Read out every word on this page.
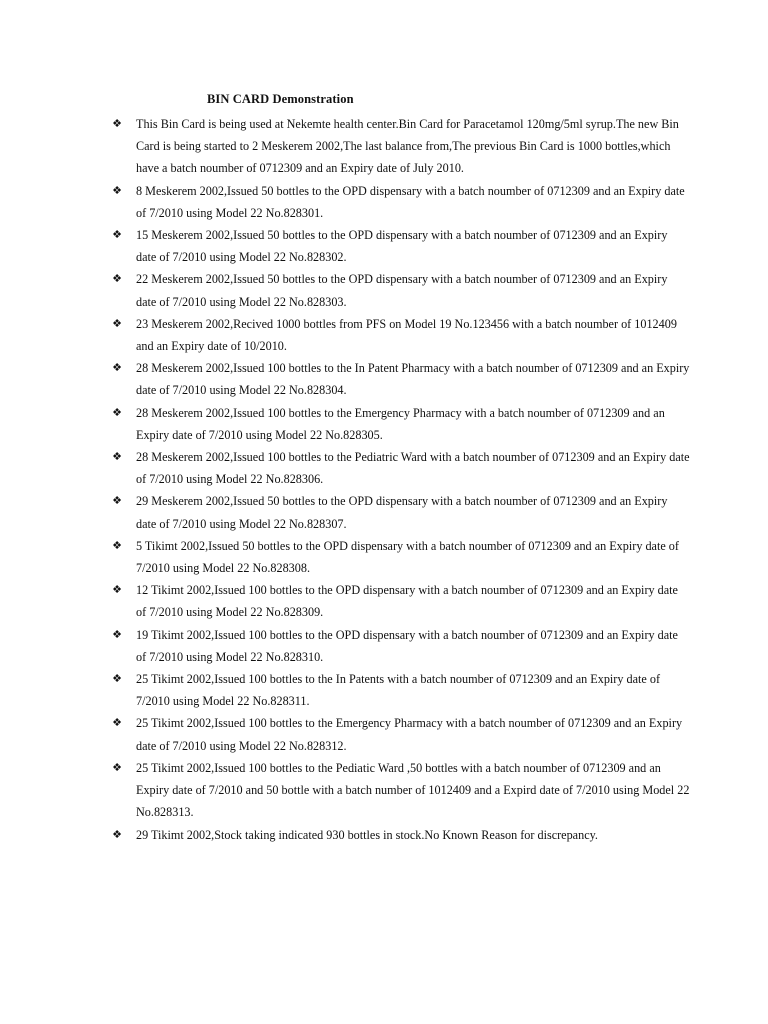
BIN CARD Demonstration
❖ This Bin Card is being used at Nekemte health center.Bin Card for Paracetamol 120mg/5ml syrup.The new Bin Card is being started to 2 Meskerem 2002,The last balance from,The previous Bin Card is 1000 bottles,which have a batch noumber of 0712309 and an Expiry date of July 2010.
❖ 8 Meskerem 2002,Issued 50 bottles to the OPD dispensary with a batch noumber of 0712309 and an Expiry date of 7/2010 using Model 22 No.828301.
❖ 15 Meskerem 2002,Issued 50 bottles to the OPD dispensary with a batch noumber of 0712309 and an Expiry date of 7/2010 using Model 22 No.828302.
❖ 22 Meskerem 2002,Issued 50 bottles to the OPD dispensary with a batch noumber of 0712309 and an Expiry date of 7/2010 using Model 22 No.828303.
❖ 23 Meskerem 2002,Recived 1000 bottles from PFS on Model 19 No.123456 with a batch noumber of 1012409 and an Expiry date of 10/2010.
❖ 28 Meskerem 2002,Issued 100 bottles to the In Patent Pharmacy with a batch noumber of 0712309 and an Expiry date of 7/2010 using Model 22 No.828304.
❖ 28 Meskerem 2002,Issued 100 bottles to the Emergency Pharmacy with a batch noumber of 0712309 and an Expiry date of 7/2010 using Model 22 No.828305.
❖ 28 Meskerem 2002,Issued 100 bottles to the Pediatric Ward with a batch noumber of 0712309 and an Expiry date of 7/2010 using Model 22 No.828306.
❖ 29 Meskerem 2002,Issued 50 bottles to the OPD dispensary with a batch noumber of 0712309 and an Expiry date of 7/2010 using Model 22 No.828307.
❖ 5 Tikimt 2002,Issued 50 bottles to the OPD dispensary with a batch noumber of 0712309 and an Expiry date of 7/2010 using Model 22 No.828308.
❖ 12 Tikimt 2002,Issued 100 bottles to the OPD dispensary with a batch noumber of 0712309 and an Expiry date of 7/2010 using Model 22 No.828309.
❖ 19 Tikimt 2002,Issued 100 bottles to the OPD dispensary with a batch noumber of 0712309 and an Expiry date of 7/2010 using Model 22 No.828310.
❖ 25 Tikimt 2002,Issued 100 bottles to the In Patents with a batch noumber of 0712309 and an Expiry date of 7/2010 using Model 22 No.828311.
❖ 25 Tikimt 2002,Issued 100 bottles to the Emergency Pharmacy with a batch noumber of 0712309 and an Expiry date of 7/2010 using Model 22 No.828312.
❖ 25 Tikimt 2002,Issued 100 bottles to the Pediatic Ward ,50 bottles with a batch noumber of 0712309 and an Expiry date of 7/2010 and 50 bottle with a batch number of 1012409 and a Expird date of 7/2010 using Model 22 No.828313.
❖ 29 Tikimt 2002,Stock taking indicated 930 bottles in stock.No Known Reason for discrepancy.
